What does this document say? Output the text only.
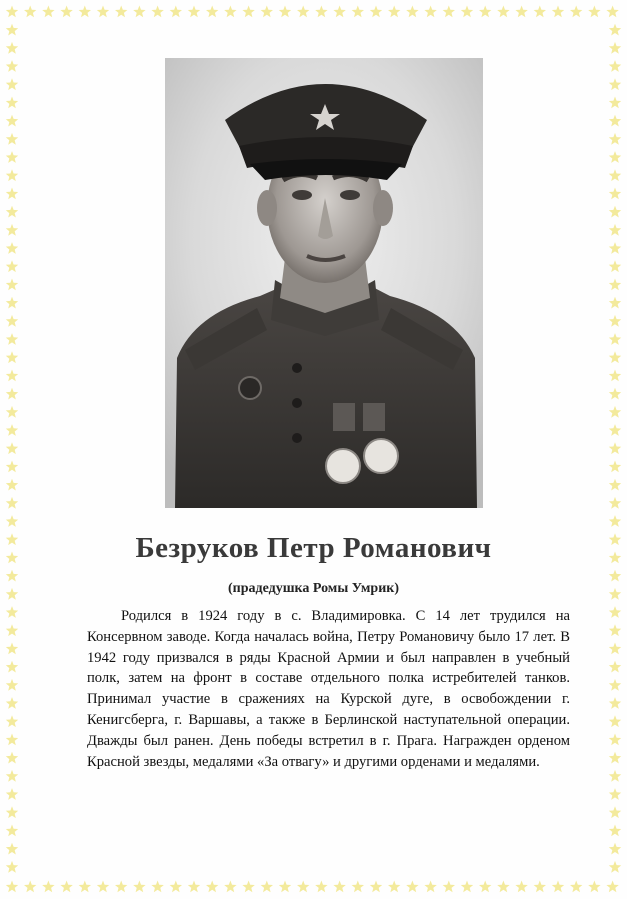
Безруков Петр Романович
(прадедушка Ромы Умрик)

Родился в 1924 году в с. Владимировка. С 14 лет трудился на Консервном заводе. Когда началась война, Петру Романовичу было 17 лет. В 1942 году призвался в ряды Красной Армии и был направлен в учебный полк, затем на фронт в составе отдельного полка истребителей танков. Принимал участие в сражениях на Курской дуге, в освобождении г. Кенигсберга, г. Варшавы, а также в Берлинской наступательной операции. Дважды был ранен. День победы встретил в г. Прага. Награжден орденом Красной звезды, медалями «За отвагу» и другими орденами и медалями.
